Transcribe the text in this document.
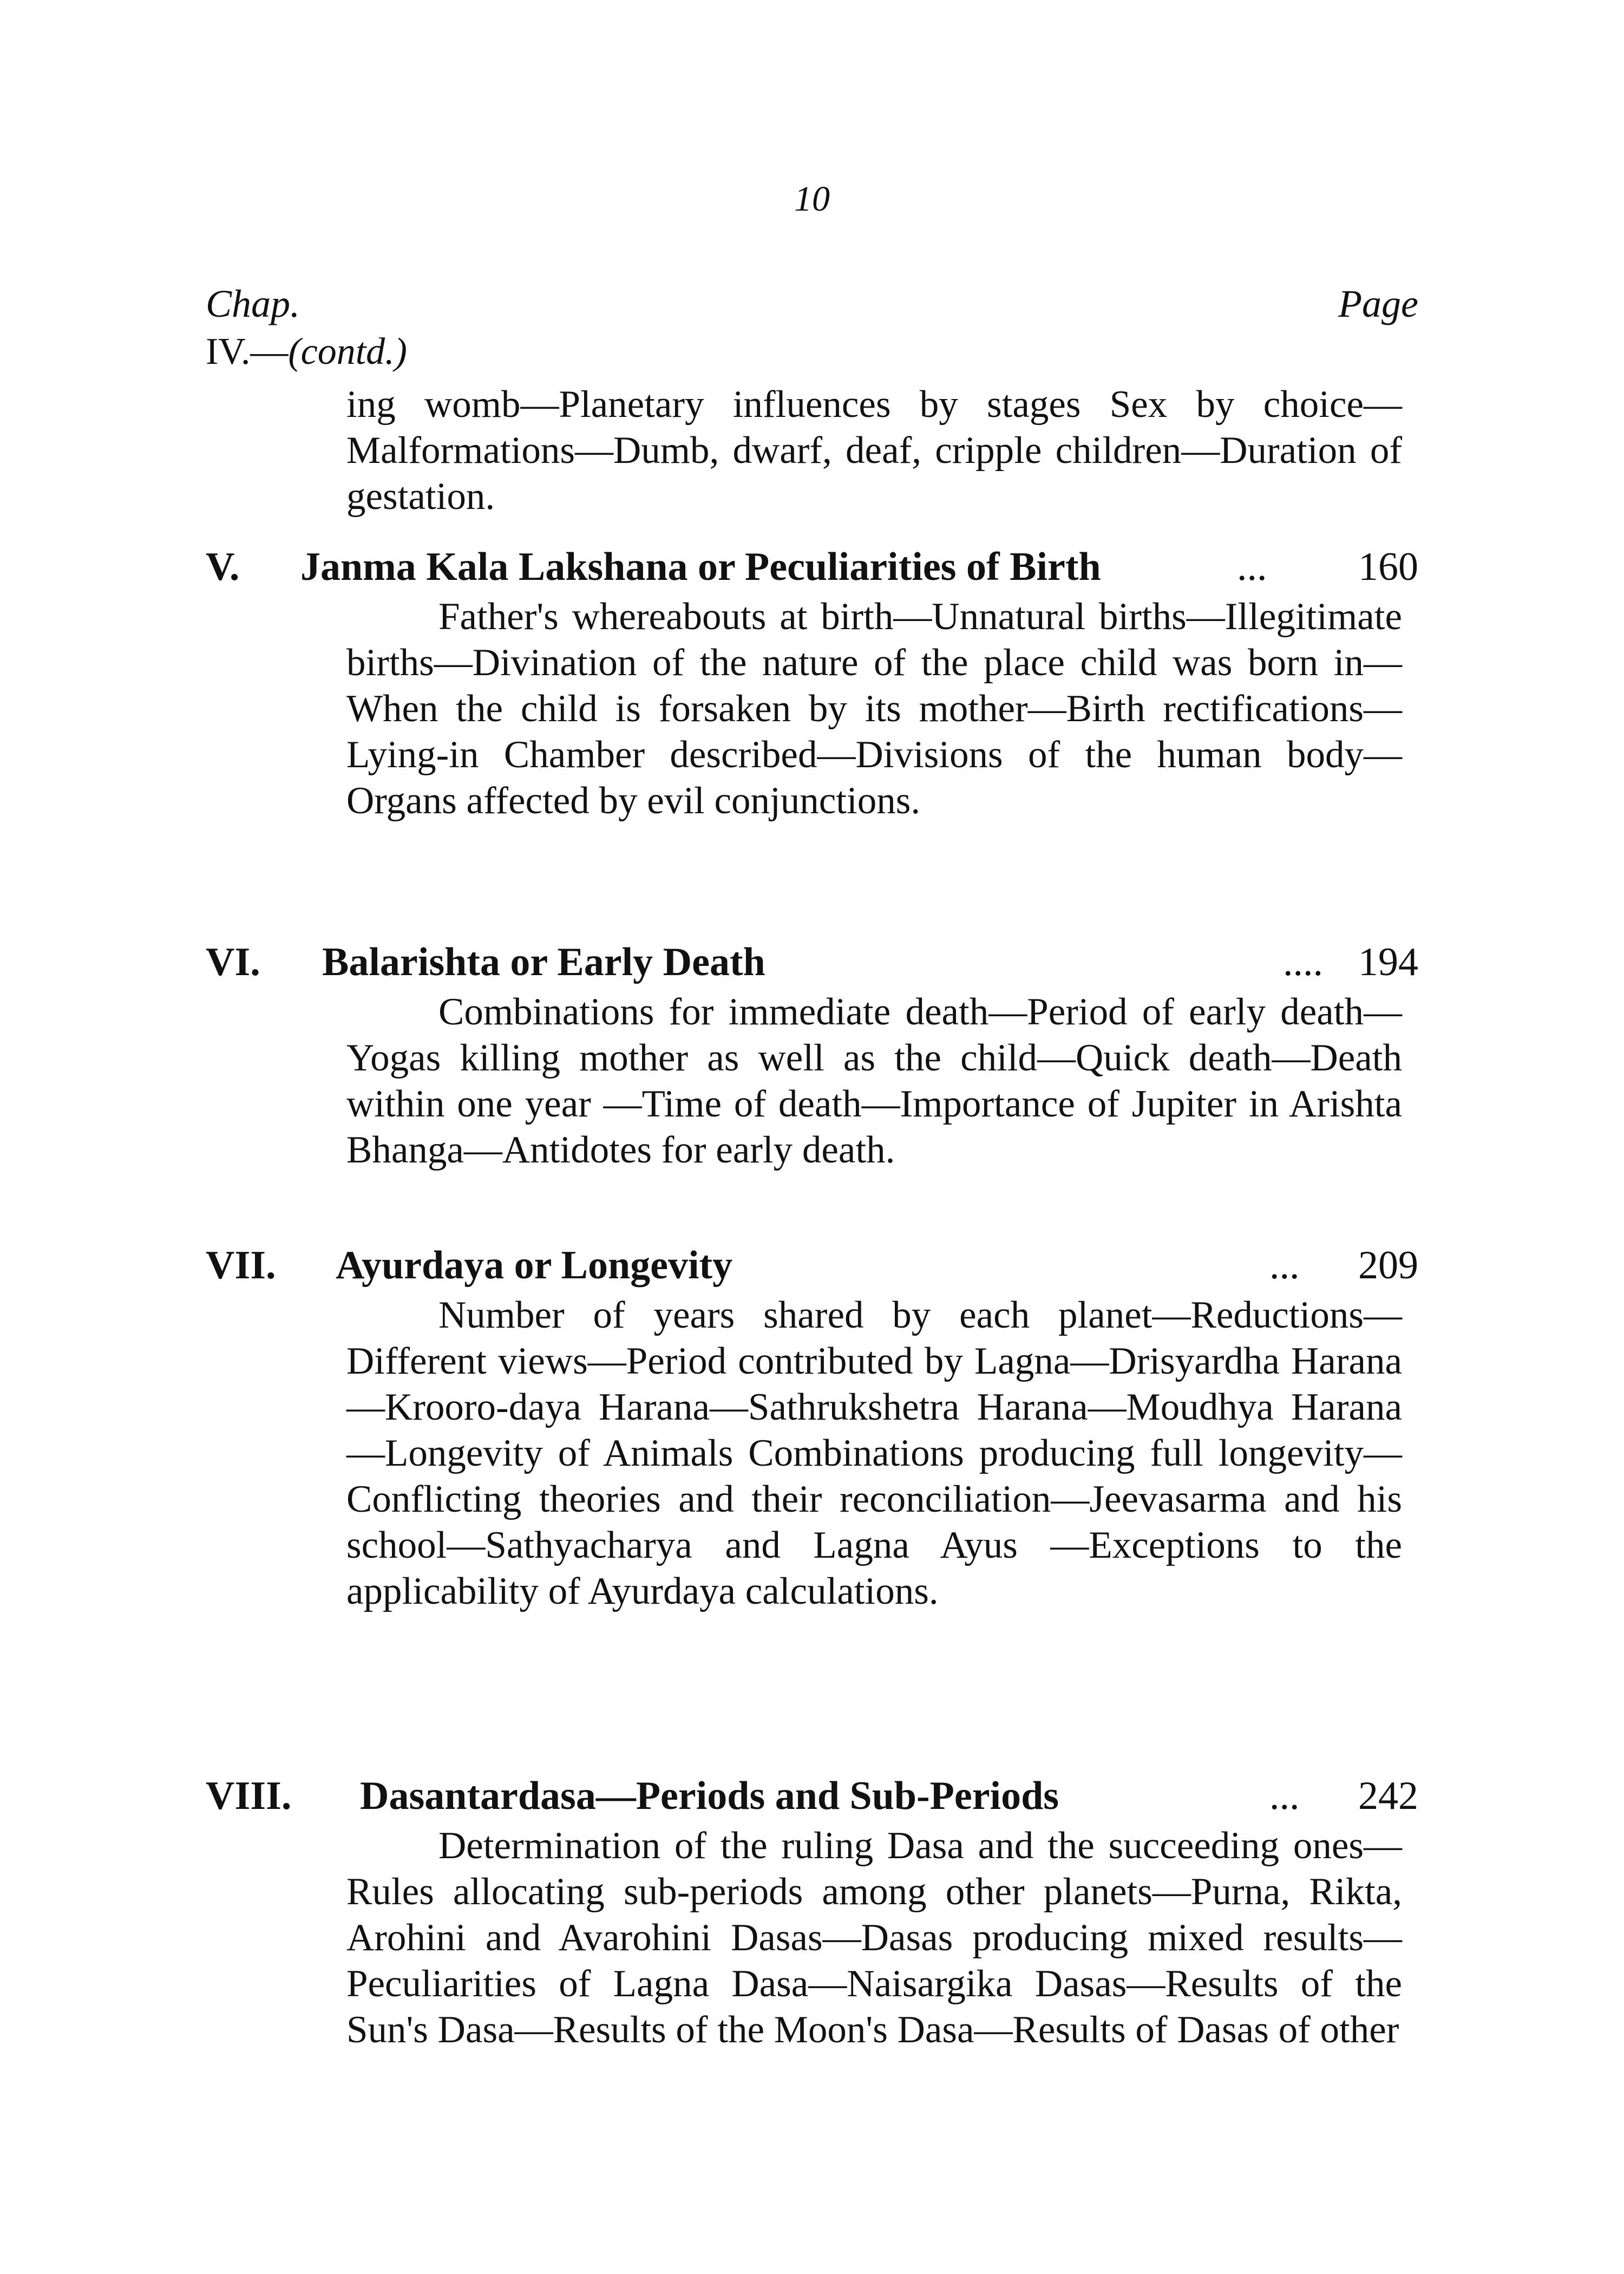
10
Chap.	Page
IV.—(contd.)
ing womb—Planetary influences by stages Sex by choice—Malformations—Dumb, dwarf, deaf, cripple children—Duration of gestation.
V. Janma Kala Lakshana or Peculiarities of Birth	... 160
Father's whereabouts at birth—Unnatural births—Illegitimate births—Divination of the nature of the place child was born in—When the child is forsaken by its mother—Birth rectifications—Lying-in Chamber described—Divisions of the human body—Organs affected by evil conjunctions.
VI. Balarishta or Early Death	.... 194
Combinations for immediate death—Period of early death—Yogas killing mother as well as the child—Quick death—Death within one year —Time of death—Importance of Jupiter in Arishta Bhanga—Antidotes for early death.
VII. Ayurdaya or Longevity	... 209
Number of years shared by each planet—Reductions—Different views—Period contributed by Lagna—Drisyardha Harana—Krooro-daya Harana—Sathrukshetra Harana—Moudhya Harana—Longevity of Animals Combinations producing full longevity—Conflicting theories and their reconciliation—Jeevasarma and his school—Sathyacharya and Lagna Ayus —Exceptions to the applicability of Ayurdaya calculations.
VIII. Dasantardasa—Periods and Sub-Periods	... 242
Determination of the ruling Dasa and the succeeding ones—Rules allocating sub-periods among other planets—Purna, Rikta, Arohini and Avarohini Dasas—Dasas producing mixed results—Peculiarities of Lagna Dasa—Naisargika Dasas—Results of the Sun's Dasa—Results of the Moon's Dasa—Results of Dasas of other
